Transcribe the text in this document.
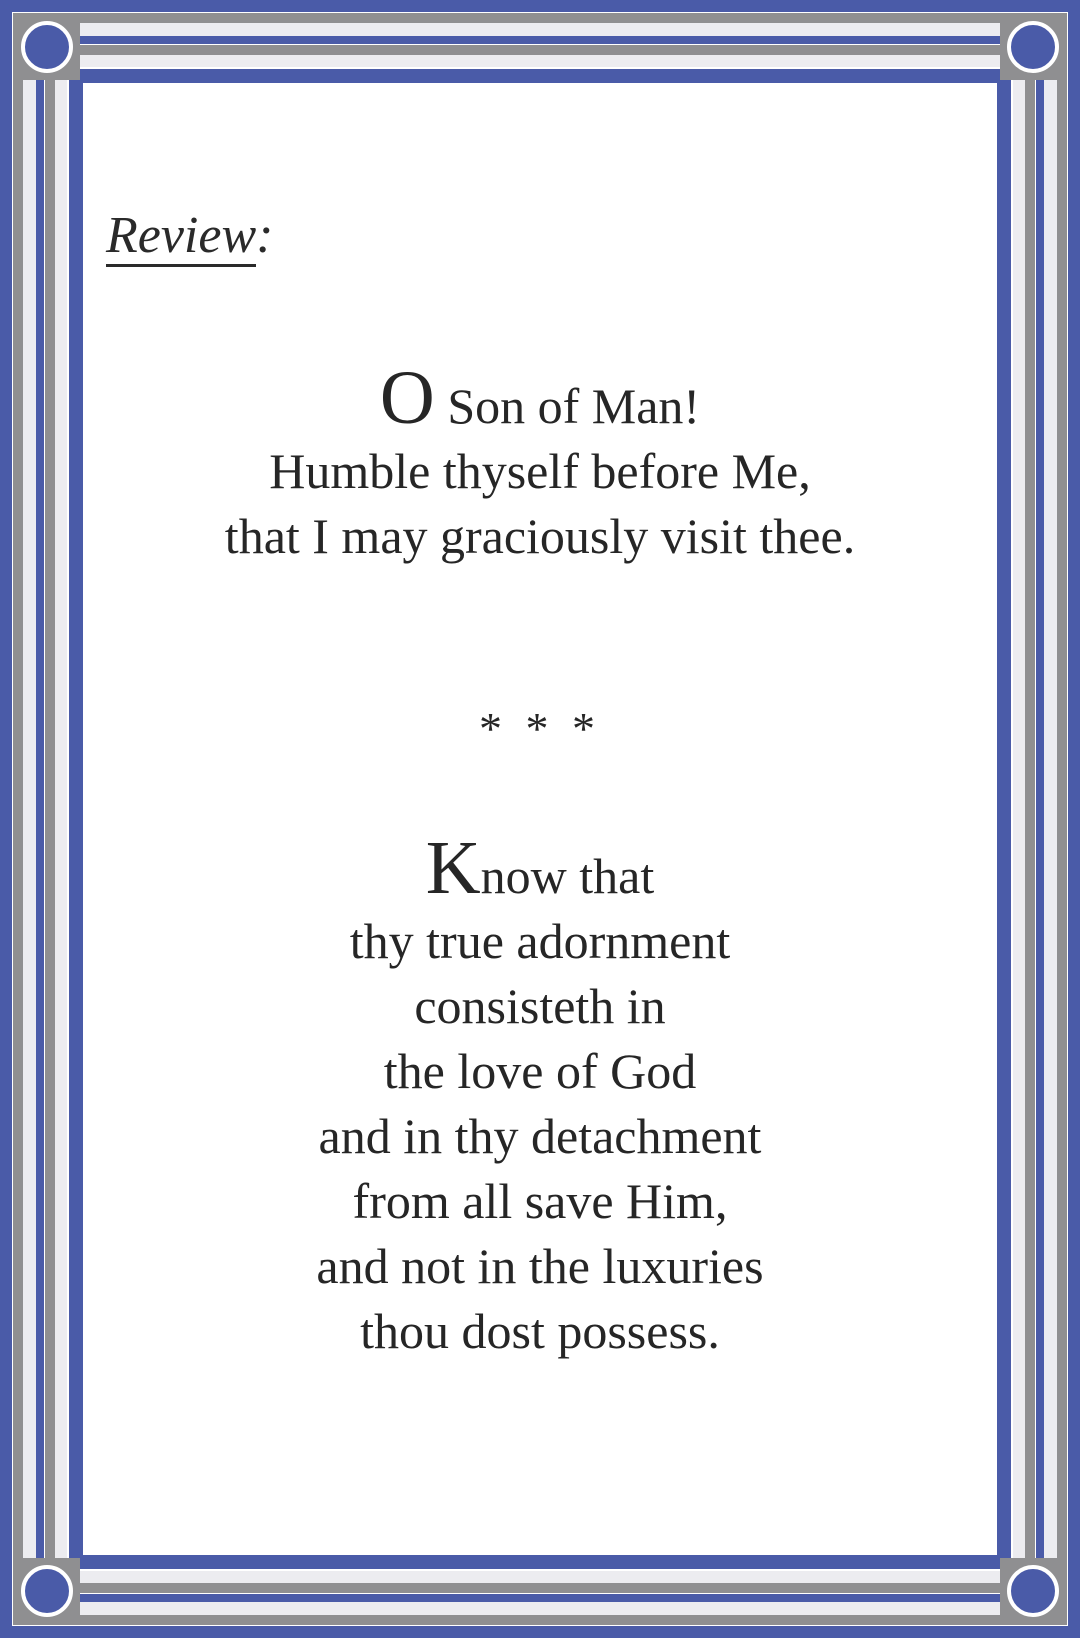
Review:
O Son of Man!
Humble thyself before Me,
that I may graciously visit thee.
* * *
Know that
thy true adornment
consisteth in
the love of God
and in thy detachment
from all save Him,
and not in the luxuries
thou dost possess.
